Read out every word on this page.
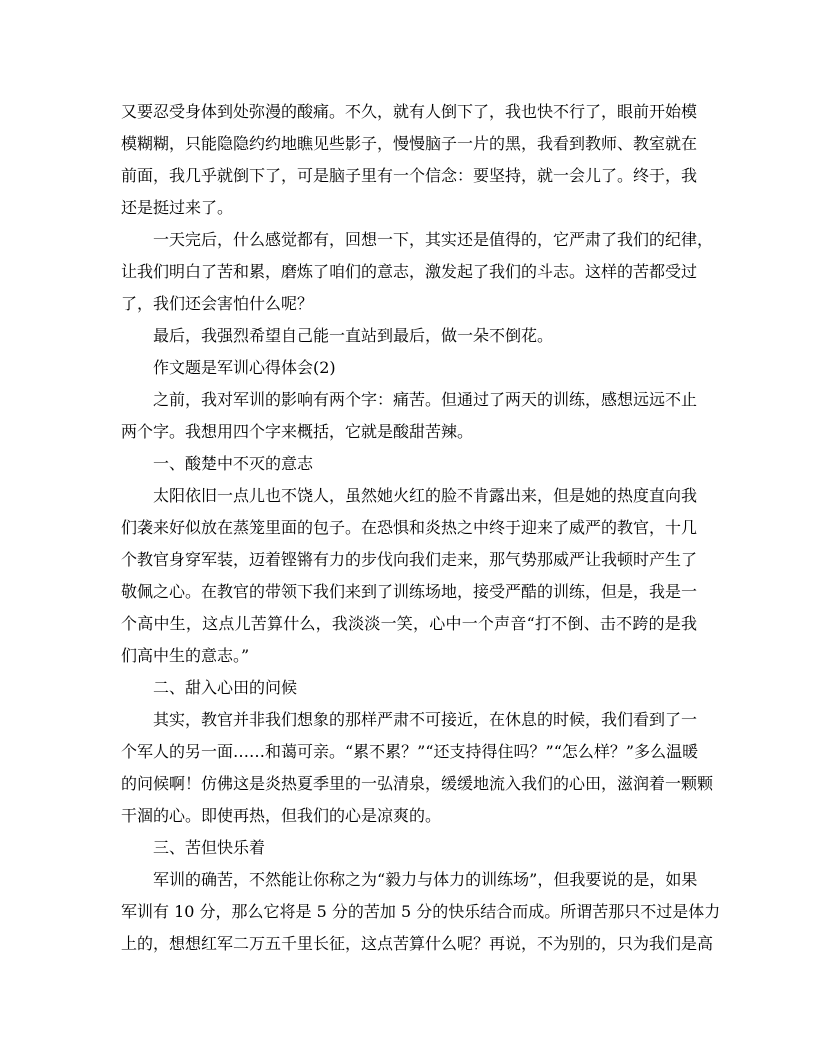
又要忍受身体到处弥漫的酸痛。不久，就有人倒下了，我也快不行了，眼前开始模
模糊糊，只能隐隐约约地瞧见些影子，慢慢脑子一片的黑，我看到教师、教室就在
前面，我几乎就倒下了，可是脑子里有一个信念：要坚持，就一会儿了。终于，我
还是挺过来了。
一天完后，什么感觉都有，回想一下，其实还是值得的，它严肃了我们的纪律，
让我们明白了苦和累，磨炼了咱们的意志，激发起了我们的斗志。这样的苦都受过
了，我们还会害怕什么呢？
最后，我强烈希望自己能一直站到最后，做一朵不倒花。
作文题是军训心得体会(2)
之前，我对军训的影响有两个字：痛苦。但通过了两天的训练，感想远远不止
两个字。我想用四个字来概括，它就是酸甜苦辣。
一、酸楚中不灭的意志
太阳依旧一点儿也不饶人，虽然她火红的脸不肯露出来，但是她的热度直向我
们袭来好似放在蒸笼里面的包子。在恐惧和炎热之中终于迎来了威严的教官，十几
个教官身穿军装，迈着铿锵有力的步伐向我们走来，那气势那威严让我顿时产生了
敬佩之心。在教官的带领下我们来到了训练场地，接受严酷的训练，但是，我是一
个高中生，这点儿苦算什么，我淡淡一笑，心中一个声音“打不倒、击不跨的是我
们高中生的意志。”
二、甜入心田的问候
其实，教官并非我们想象的那样严肃不可接近，在休息的时候，我们看到了一
个军人的另一面……和蔼可亲。“累不累？”“还支持得住吗？”“怎么样？”多么温暖
的问候啊！仿佛这是炎热夏季里的一弘清泉，缓缓地流入我们的心田，滋润着一颗颗
干涸的心。即使再热，但我们的心是凉爽的。
三、苦但快乐着
军训的确苦，不然能让你称之为“毅力与体力的训练场”，但我要说的是，如果
军训有 10 分，那么它将是 5 分的苦加 5 分的快乐结合而成。所谓苦那只不过是体力
上的，想想红军二万五千里长征，这点苦算什么呢？再说，不为别的，只为我们是高
